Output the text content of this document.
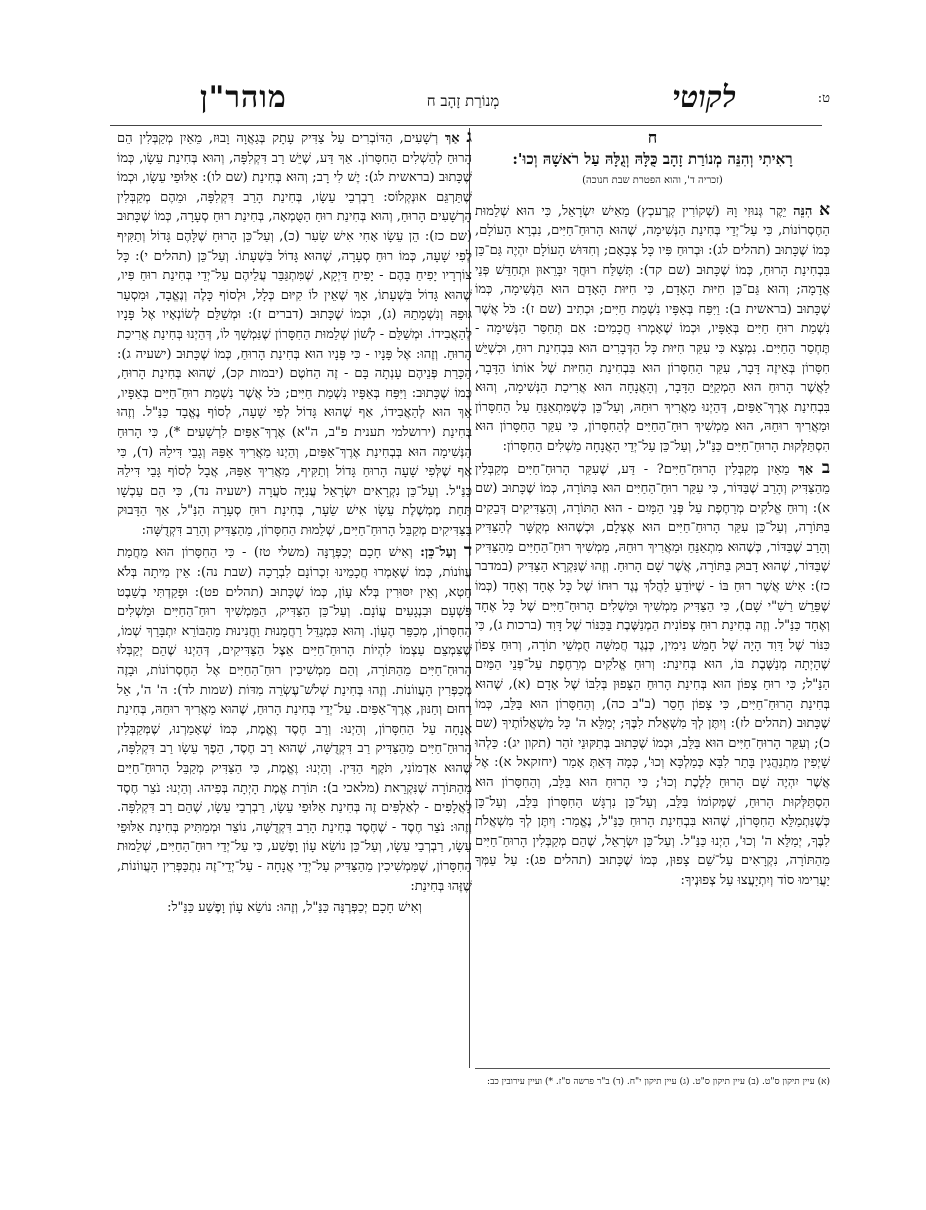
ט:
לקוטי
מְנוֹרַת זָהָב ח
מוהר"ן
ח
רָאִיתִי וְהִנֵּה מְנוֹרַת זָהָב כֻּלָּהּ וְגֻלָּהּ עַל רֹאשָׁהּ וְכוּ':
(זכריה ד', והוא הפטרת שבת חנוכה)

א הִנֵּה יֵקֶר גְּנוּזִי וָהּ (שְׁקוֹרִין קְרֶעכְץ) מֵאִישׁ יִשְׂרָאֵל, כִּי הוּא שְׁלֵמוּת הַחֶסְרוֹנוֹת, כִּי עַל־יְדֵי בְּחִינַת הַנְּשִׁימָה, שֶׁהוּא הָרוּחַ־חַיִּים, נִבְרָא הָעוֹלָם, כְּמוֹ שֶׁכָּתוּב (תהלים לג): וּבְרוּחַ פִּיו כָּל צְבָאָם; וְחִדּוּשׁ הָעוֹלָם יִהְיֶה גַּם־כֵּן בִּבְחִינַת הָרוּחַ, כְּמוֹ שֶׁכָּתוּב (שם קד): תְּשַׁלַּח רוּחֲךָ יִבָּרֵאוּן וּתְחַדֵּשׁ פְּנֵי אֲדָמָה; וְהוּא גַּם־כֵּן חִיּוּת הָאָדָם, כִּי חִיּוּת הָאָדָם הוּא הַנְּשִׁימָה, כְּמוֹ שֶׁכָּתוּב (בראשית ב): וַיִּפַּח בְּאַפָּיו נִשְׁמַת חַיִּים; וּכְתִיב (שם ז): כֹּל אֲשֶׁר נִשְׁמַת רוּחַ חַיִּים בְּאַפָּיו, וּכְמוֹ שֶׁאָמְרוּ חֲכָמִים: אִם תְּחִסַּר הַנְּשִׁימָה - תֶּחְסַר הַחַיִּים. נִמְצָא כִּי עִקַּר חִיּוּת כָּל הַדְּבָרִים הוּא בִּבְחִינַת רוּחַ, וּכְשֶׁיֵּשׁ חִסָּרוֹן בְּאֵיזֶה דָּבָר, עִקַּר הַחִסָּרוֹן הוּא בִּבְחִינַת הַחִיּוּת שֶׁל אוֹתוֹ הַדָּבָר, לַאֲשֶׁר הָרוּחַ הוּא הַמְקַיֵּם הַדָּבָר, וְהָאֲנָחָה הוּא אֲרִיכַת הַנְּשִׁימָה, וְהוּא בִּבְחִינַת אֶרֶךְ־אַפַּיִם, דְּהַיְנוּ מַאֲרִיךְ רוּחֵהּ, וְעַל־כֵּן כְּשֶׁמִּתְאַנֵּחַ עַל הַחִסָּרוֹן וּמַאֲרִיךְ רוּחֵהּ, הוּא מַמְשִׁיךְ רוּחַ־הַחַיִּים לְהַחִסָּרוֹן, כִּי עִקַּר הַחִסָּרוֹן הוּא הִסְתַּלְּקוּת הָרוּחַ־חַיִּים כַּנַּ"ל, וְעַל־כֵּן עַל־יְדֵי הָאֲנָחָה מַשְׁלִים הַחִסָּרוֹן:

ב אַךְ מֵאַיִן מְקַבְּלִין הָרוּחַ־חַיִּים? - דַּע, שֶׁעִקַּר הָרוּחַ־חַיִּים מְקַבְּלִין מֵהַצַּדִּיק וְהָרַב שֶׁבַּדּוֹר, כִּי עִקַּר רוּחַ־הַחַיִּים הוּא בַּתּוֹרָה, כְּמוֹ שֶׁכָּתוּב (שם א): וְרוּחַ אֱלֹקִים מְרַחֶפֶת עַל פְּנֵי הַמָּיִם - הוּא הַתּוֹרָה, וְהַצַּדִּיקִים דְּבֵקִים בַּתּוֹרָה, וְעַל־כֵּן עִקַּר הָרוּחַ־חַיִּים הוּא אֶצְלָם, וּכְשֶׁהוּא מְקֻשָּׁר לְהַצַּדִּיק וְהָרַב שֶׁבַּדּוֹר, כְּשֶׁהוּא מִתְאַנֵּחַ וּמַאֲרִיךְ רוּחֵהּ, מַמְשִׁיךְ רוּחַ־הַחַיִּים מֵהַצַּדִּיק שֶׁבַּדּוֹר, שֶׁהוּא דָבוּק בַּתּוֹרָה, אֲשֶׁר שָׁם הָרוּחַ. וְזֶהוּ שֶׁנִּקְרָא הַצַּדִּיק (במדבר כז): אִישׁ אֲשֶׁר רוּחַ בּוֹ - שֶׁיּוֹדֵעַ לַהֲלֹךְ נֶגֶד רוּחוֹ שֶׁל כָּל אֶחָד וְאֶחָד (כְּמוֹ שֶׁפֵּרֵשׁ רַשִׁ"י שָׁם), כִּי הַצַּדִּיק מַמְשִׁיךְ וּמַשְׁלִים הָרוּחַ־חַיִּים שֶׁל כָּל אֶחָד וְאֶחָד כַּנַּ"ל. וְזֶה בְּחִינַת רוּחַ צְפוֹנִית הַמְנַשֶּׁבֶת בַּכִּנּוֹר שֶׁל דָּוִד (ברכות ג), כִּי כִּנּוֹר שֶׁל דָּוִד הָיָה שֶׁל חָמֵשׁ נִימִין, כְּנֶגֶד חֲמִשָּׁה חֻמְשֵׁי תוֹרָה, וְרוּחַ צָפוֹן שֶׁהָיְתָה מְנַשֶּׁבֶת בּוֹ, הוּא בְּחִינַת: וְרוּחַ אֱלֹקִים מְרַחֶפֶת עַל־פְּנֵי הַמַּיִם הַנַּ"ל; כִּי רוּחַ צָפוֹן הוּא בְּחִינַת הָרוּחַ הַצָּפוּן בְּלִבּוֹ שֶׁל אָדָם (א), שֶׁהוּא בְּחִינַת הָרוּחַ־חַיִּים, כִּי צָפוֹן חָסֵר (ב"ב כה), וְהַחִסָּרוֹן הוּא בַּלֵּב, כְּמוֹ שֶׁכָּתוּב (תהלים לז): וְיִתֶּן לְךָ מִשְׁאֲלֹת לִבֶּךָ; יְמַלֵּא ה' כָּל מִשְׁאֲלוֹתֶיךָ (שם כ); וְעִקַּר הָרוּחַ־חַיִּים הוּא בַּלֵּב, וּכְמוֹ שֶׁכָּתוּב בְּתִקּוּנֵי זֹהַר (תקון יג): כַּלְהוּ שָׁיְפִין מִתְנַהֲגִין בָּתַר לִבָּא כְּמַלְכָּא וְכוּ', כְּמָה דְּאַתְּ אָמַר (יחזקאל א): אֶל אֲשֶׁר יִהְיֶה שָׁם הָרוּחַ לָלֶכֶת וְכוּ'; כִּי הָרוּחַ הוּא בַּלֵּב, וְהַחִסָּרוֹן הוּא הִסְתַּלְּקוּת הָרוּחַ, שֶׁמְּקוֹמוֹ בַּלֵּב, וְעַל־כֵּן נִרְגָּשׁ הַחִסָּרוֹן בַּלֵּב, וְעַל־כֵּן כְּשֶׁנִּתְמַלֵּא הַחִסָּרוֹן, שֶׁהוּא בִּבְחִינַת הָרוּחַ כַּנַּ"ל, נֶאֱמַר: וְיִתֶּן לְךָ מִשְׁאֲלֹת לִבֶּךָ, יְמַלֵּא ה' וְכוּ', הַיְנוּ כַּנַּ"ל. וְעַל־כֵּן יִשְׂרָאֵל, שֶׁהֵם מְקַבְּלִין הָרוּחַ־חַיִּים מֵהַתּוֹרָה, נִקְרָאִים עַל־שֵׁם צָפוּן, כְּמוֹ שֶׁכָּתוּב (תהלים פג): עַל עַמְּךָ יַעֲרִימוּ סוֹד וְיִתְיָעֲצוּ עַל צְפוּנֶיךָ:

ג אַךְ רְשָׁעִים, הַדּוֹבְרִים עַל צַדִּיק עָתָק בְּגַאֲוָה וָבוּז, מֵאַיִן מְקַבְּלִין הֵם הָרוּחַ לְהַשְׁלִים הַחִסָּרוֹן. אַךְ דַּע, שֶׁיֵּשׁ רַב דִּקְלִפָּה, וְהוּא בְּחִינַת עֵשָׂו, כְּמוֹ שֶׁכָּתוּב (בראשית לג): יֶשׁ לִי רָב; וְהוּא בְּחִינַת (שם לו): אַלּוּפֵי עֵשָׂו, וּכְמוֹ שֶׁתַּרְגֵּם אוּנְקְלוֹס: רַבְרְבֵי עֵשָׂו, בְּחִינַת הָרַב דִּקְלִפָּה, וּמֵהֶם מְקַבְּלִין הָרְשָׁעִים הָרוּחַ, וְהוּא בְּחִינַת רוּחַ הַטֻּמְאָה, בְּחִינַת רוּחַ סְעָרָה, כְּמוֹ שֶׁכָּתוּב (שם כז): הֵן עֵשָׂו אָחִי אִישׁ שָׂעִר (כ), וְעַל־כֵּן הָרוּחַ שֶׁלָּהֶם גָּדוֹל וְתַקִּיף לְפִי שָׁעָה, כְּמוֹ רוּחַ סְעָרָה, שֶׁהוּא גָּדוֹל בִּשְׁעָתוֹ. וְעַל־כֵּן (תהלים י): כָּל צוֹרְרָיו יָפִיחַ בָּהֶם - יָפִיחַ דַּיְקָא, שֶׁמִּתְגַּבֵּר עֲלֵיהֶם עַל־יְדֵי בְּחִינַת רוּחַ פִּיו, שֶׁהוּא גָּדוֹל בִּשְׁעָתוֹ, אַךְ שֶׁאֵין לוֹ קִיּוּם כְּלָל, וּלְסוֹף כָּלֶה וְנֶאֱבָד, וּמִסְעַר גּוּפֵהּ וְנִשְׁמָתֵהּ (ג), וּכְמוֹ שֶׁכָּתוּב (דברים ז): וּמְשַׁלֵּם לְשׂוֹנְאָיו אֶל פָּנָיו לְהַאֲבִידוֹ. וּמְשַׁלֵּם - לְשׁוֹן שְׁלֵמוּת הַחִסָּרוֹן שֶׁנִּמְשָׁךְ לוֹ, דְּהַיְנוּ בְּחִינַת אֲרִיכַת הָרוּחַ. וְזֶהוּ: אֶל פָּנָיו - כִּי פָּנָיו הוּא בְּחִינַת הָרוּחַ, כְּמוֹ שֶׁכָּתוּב (ישעיה ג): הַכָּרַת פְּנֵיהֶם עָנְתָה בָּם - זֶה הַחֹטֶם (יבמות קכ), שֶׁהוּא בְּחִינַת הָרוּחַ, כְּמוֹ שֶׁכָּתוּב: וַיִּפַּח בְּאַפָּיו נִשְׁמַת חַיִּים; כֹּל אֲשֶׁר נִשְׁמַת רוּחַ־חַיִּים בְּאַפָּיו, אַךְ הוּא לְהַאֲבִידוֹ, אַף שֶׁהוּא גָּדוֹל לְפִי שָׁעָה, לְסוֹף נֶאֱבָד כַּנַּ"ל. וְזֶהוּ בְּחִינַת (ירושלמי תענית פ"ב, ה"א) אֶרֶךְ־אַפַּיִם לִרְשָׁעִים *), כִּי הָרוּחַ הַנְּשִׁימָה הוּא בְּבְחִינַת אֶרֶךְ־אַפַּיִם, וְהַיְנוּ מַאֲרִיךְ אַפֵּהּ וְגָבֵי דִּילֵהּ (ד), כִּי אַף שֶׁלְּפִי שָׁעָה הָרוּחַ גָּדוֹל וְתַקִּיף, מַאֲרִיךְ אַפֵּהּ, אֲבָל לְסוֹף גָּבֵי דִּילֵהּ כַּנַּ"ל. וְעַל־כֵּן נִקְרָאִים יִשְׂרָאֵל עֲנִיָּה סֹעֲרָה (ישעיה נד), כִּי הֵם עַכְשָׁו תַּחַת מֶמְשֶׁלֶת עֵשָׂו אִישׁ שֵׂעָר, בְּחִינַת רוּחַ סְעָרָה הַנַּ"ל, אַךְ הַדָּבוּק בַּצַּדִּיקִים מְקַבֵּל הָרוּחַ־חַיִּים, שְׁלֵמוּת הַחִסָּרוֹן, מֵהַצַּדִּיק וְהָרַב דִּקְדֻשָּׁה:

ד וְעַל־כֵּן: וְאִישׁ חָכָם יְכַפְּרֶנָּה (משלי טז) - כִּי הַחִסָּרוֹן הוּא מֵחֲמַת עֲווֹנוֹת, כְּמוֹ שֶׁאָמְרוּ חֲכָמֵינוּ זִכְרוֹנָם לִבְרָכָה (שבת נה): אֵין מִיתָה בְּלֹא חֵטְא, וְאֵין יִסּוּרִין בְּלֹא עָוֹן, כְּמוֹ שֶׁכָּתוּב (תהלים פט): וּפָקַדְתִּי בְשֵׁבֶט פִּשְׁעָם וּבִנְגָעִים עֲוֹנָם. וְעַל־כֵּן הַצַּדִּיק, הַמַּמְשִׁיךְ רוּחַ־הַחַיִּים וּמַשְׁלִים הַחִסָּרוֹן, מְכַפֵּר הֶעָוֹן. וְהוּא כִּמְגַדֵּל רַחֲמָנוּת וַחֲנִינוּת מֵהַבּוֹרֵא יִתְבָּרַךְ שְׁמוֹ, שֶׁצִּמְצֵם עַצְמוֹ לִהְיוֹת הָרוּחַ־חַיִּים אֵצֶל הַצַּדִּיקִים, דְּהַיְנוּ שֶׁהֵם יְקַבְּלוּ הָרוּחַ־חַיִּים מֵהַתּוֹרָה, וְהֵם מַמְשִׁיכִין רוּחַ־הַחַיִּים אֶל הַחֶסְרוֹנוֹת, וּבָזֶה מְכַפְּרִין הָעֲווֹנוֹת. וְזֶהוּ בְּחִינַת שְׁלֹשׁ־עֶשְׂרֵה מִדּוֹת (שמות לד): ה' ה', אֵל רַחוּם וְחַנּוּן, אֶרֶךְ־אַפַּיִם. עַל־יְדֵי בְּחִינַת הָרוּחַ, שֶׁהוּא מַאֲרִיךְ רוּחֵהּ, בְּחִינַת אֲנָחָה עַל הַחִסָּרוֹן, וְהַיְנוּ: וְרַב חֶסֶד וֶאֱמֶת, כְּמוֹ שֶׁאָמַרְנוּ, שֶׁמְּקַבְּלִין הָרוּחַ־חַיִּים מֵהַצַּדִּיק רַב דִּקְדֻשָּׁה, שֶׁהוּא רַב חֶסֶד, הֵפֶךְ עֵשָׂו רַב דִּקְלִפָּה, שֶׁהוּא אַדְמוֹנִי, תֹּקֶף הַדִּין. וְהַיְנוּ: וֶאֱמֶת, כִּי הַצַּדִּיק מְקַבֵּל הָרוּחַ־חַיִּים מֵהַתּוֹרָה שֶׁנִּקְרֵאת (מלאכי ב): תּוֹרַת אֱמֶת הָיְתָה בְּפִיהוּ. וְהַיְנוּ: נֹצֵר חֶסֶד לָאֲלָפִים - לְאַלְפִּים זֶה בְּחִינַת אַלּוּפֵי עֵשָׂו, רַבְרְבֵי עֵשָׂו, שֶׁהֵם רַב דִּקְלִפָּה. וְזֶהוּ: נֹצֵר חֶסֶד - שֶׁחֶסֶד בְּחִינַת הָרַב דִּקְדֻשָּׁה, נוֹצֵר וּמְמַתִּיק בְּחִינַת אַלּוּפֵי עֵשָׂו, רַבְרְבֵי עֵשָׂו, וְעַל־כֵּן נוֹשֵׂא עָוֹן וָפֶשַׁע, כִּי עַל־יְדֵי רוּחַ־הַחַיִּים, שְׁלֵמוּת הַחִסָּרוֹן, שֶׁמַּמְשִׁיכִין מֵהַצַּדִּיק עַל־יְדֵי אֲנָחָה - עַל־יְדֵי־זֶה נִתְכַּפְּרִין הָעֲווֹנוֹת, שֶׁזֶּהוּ בְּחִינַת:

וְאִישׁ חָכָם יְכַפְּרֶנָּה כַּנַּ"ל, וְזֶהוּ: נוֹשֵׂא עָוֹן וָפֶשַׁע כַּנַּ"ל:

(א) עיין תיקון ס"ט. (ב) עיין תיקון ס"ט. (ג) עיין תיקון י"ח. (ד) ב"ר פרשה ס"ז. *) ועיין עירובין כב:
